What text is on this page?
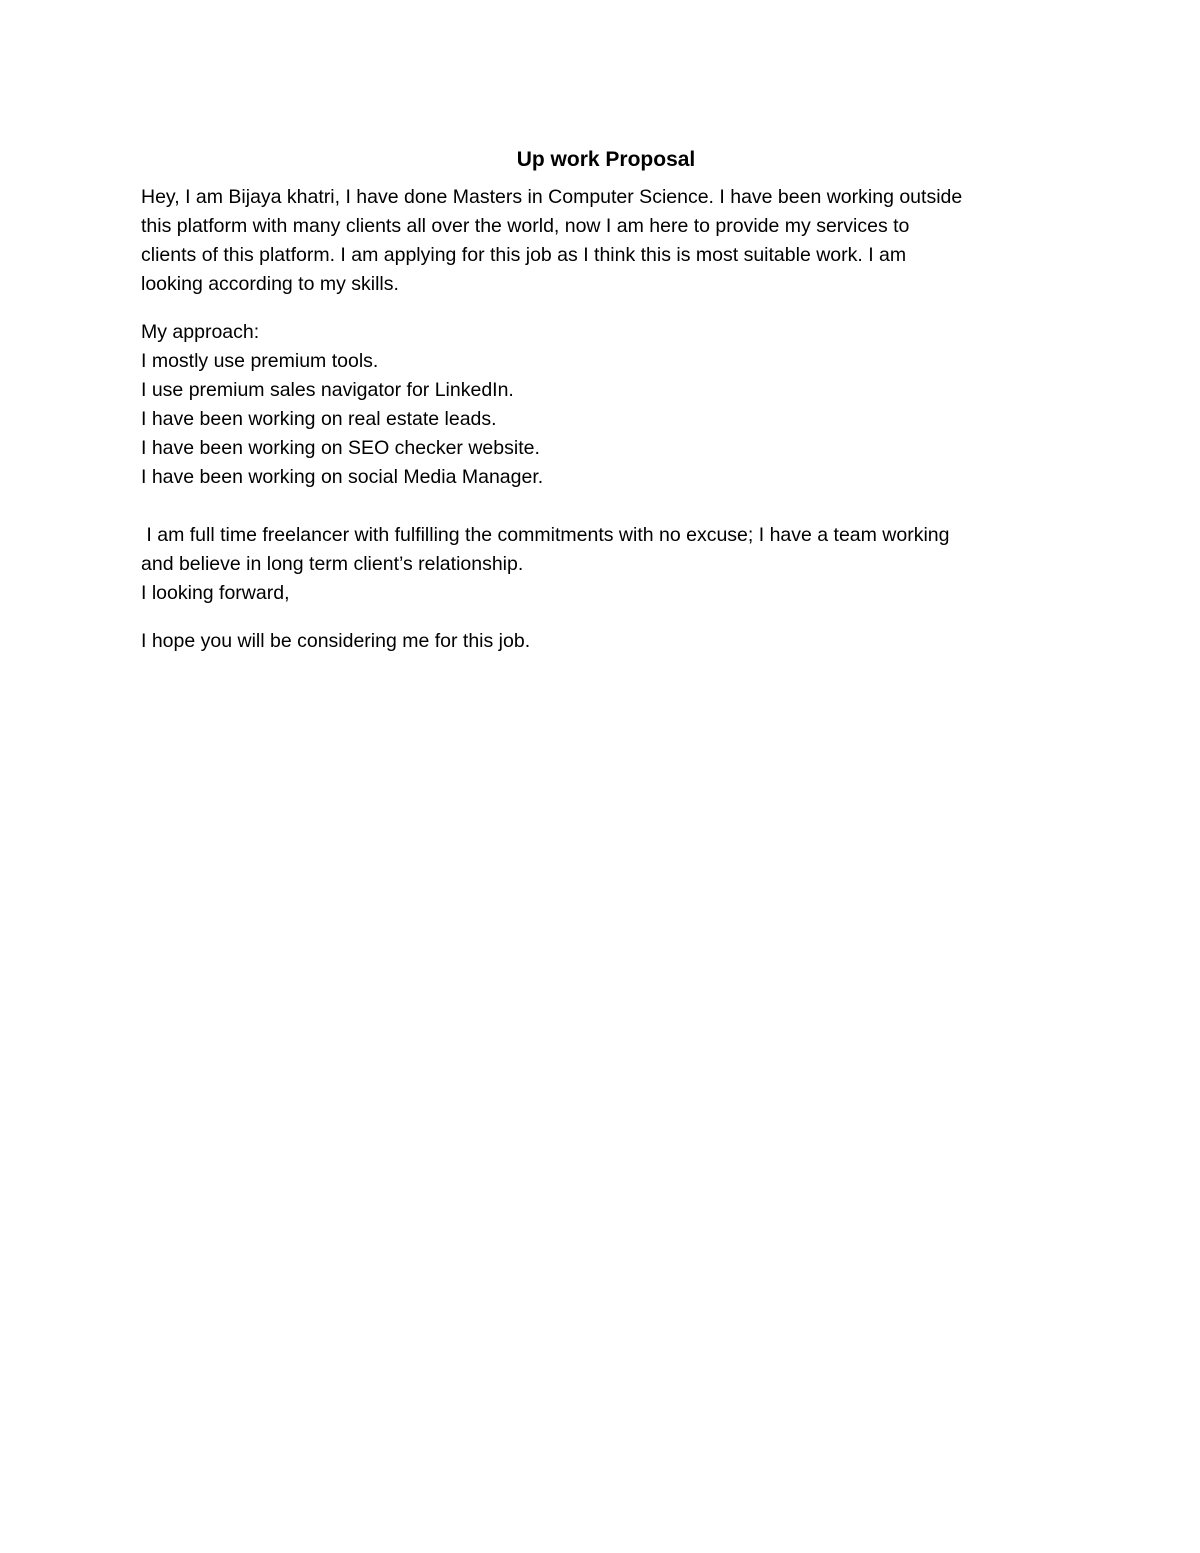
Up work Proposal

Hey, I am Bijaya khatri, I have done Masters in Computer Science. I have been working outside
this platform with many clients all over the world, now I am here to provide my services to
clients of this platform. I am applying for this job as I think this is most suitable work. I am
looking according to my skills.

My approach:
I mostly use premium tools.
I use premium sales navigator for LinkedIn.
I have been working on real estate leads.
I have been working on SEO checker website.
I have been working on social Media Manager.

I am full time freelancer with fulfilling the commitments with no excuse; I have a team working
and believe in long term client’s relationship.
I looking forward,

I hope you will be considering me for this job.
